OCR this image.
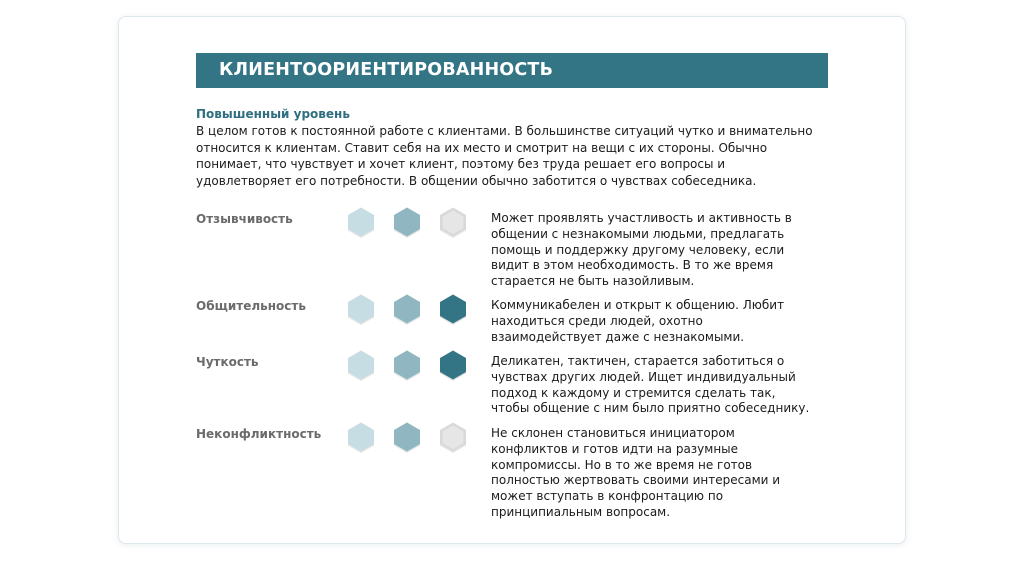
КЛИЕНТООРИЕНТИРОВАННОСТЬ
Повышенный уровень
В целом готов к постоянной работе с клиентами. В большинстве ситуаций чутко и внимательно относится к клиентам. Ставит себя на их место и смотрит на вещи с их стороны. Обычно понимает, что чувствует и хочет клиент, поэтому без труда решает его вопросы и удовлетворяет его потребности. В общении обычно заботится о чувствах собеседника.
Отзывчивость	Может проявлять участливость и активность в общении с незнакомыми людьми, предлагать помощь и поддержку другому человеку, если видит в этом необходимость. В то же время старается не быть назойливым.
Общительность	Коммуникабелен и открыт к общению. Любит находиться среди людей, охотно взаимодействует даже с незнакомыми.
Чуткость	Деликатен, тактичен, старается заботиться о чувствах других людей. Ищет индивидуальный подход к каждому и стремится сделать так, чтобы общение с ним было приятно собеседнику.
Неконфликтность	Не склонен становиться инициатором конфликтов и готов идти на разумные компромиссы. Но в то же время не готов полностью жертвовать своими интересами и может вступать в конфронтацию по принципиальным вопросам.
